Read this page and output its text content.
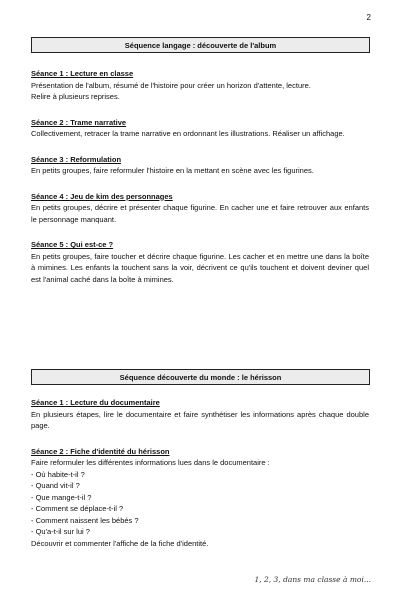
2
Séquence langage : découverte de l'album

Séance 1 : Lecture en classe

Présentation de l'album, résumé de l'histoire pour créer un horizon d'attente, lecture.
Relire à plusieurs reprises.

Séance 2 : Trame narrative

Collectivement, retracer la trame narrative en ordonnant les illustrations. Réaliser un affichage.

Séance 3 : Reformulation

En petits groupes, faire reformuler l'histoire en la mettant en scène avec les figurines.

Séance 4 : Jeu de kim des personnages

En petits groupes, décrire et présenter chaque figurine. En cacher une et faire retrouver aux enfants le personnage manquant.

Séance 5 : Qui est-ce ?

En petits groupes, faire toucher et décrire chaque figurine. Les cacher et en mettre une dans la boîte à mimines. Les enfants la touchent sans la voir, décrivent ce qu'ils touchent et doivent deviner quel est l'animal caché dans la boîte à mimines.

Séquence découverte du monde : le hérisson

Séance 1 : Lecture du documentaire

En plusieurs étapes, lire le documentaire et faire synthétiser les informations après chaque double page.

Séance 2 : Fiche d'identité du hérisson

Faire reformuler les différentes informations lues dans le documentaire :

- Où habite-t-il ?
- Quand vit-il ?
- Que mange-t-il ?
- Comment se déplace-t-il ?
- Comment naissent les bébés ?
- Qu'a-t-il sur lui ?

Découvrir et commenter l'affiche de la fiche d'identité.

1, 2, 3, dans ma classe à moi...
